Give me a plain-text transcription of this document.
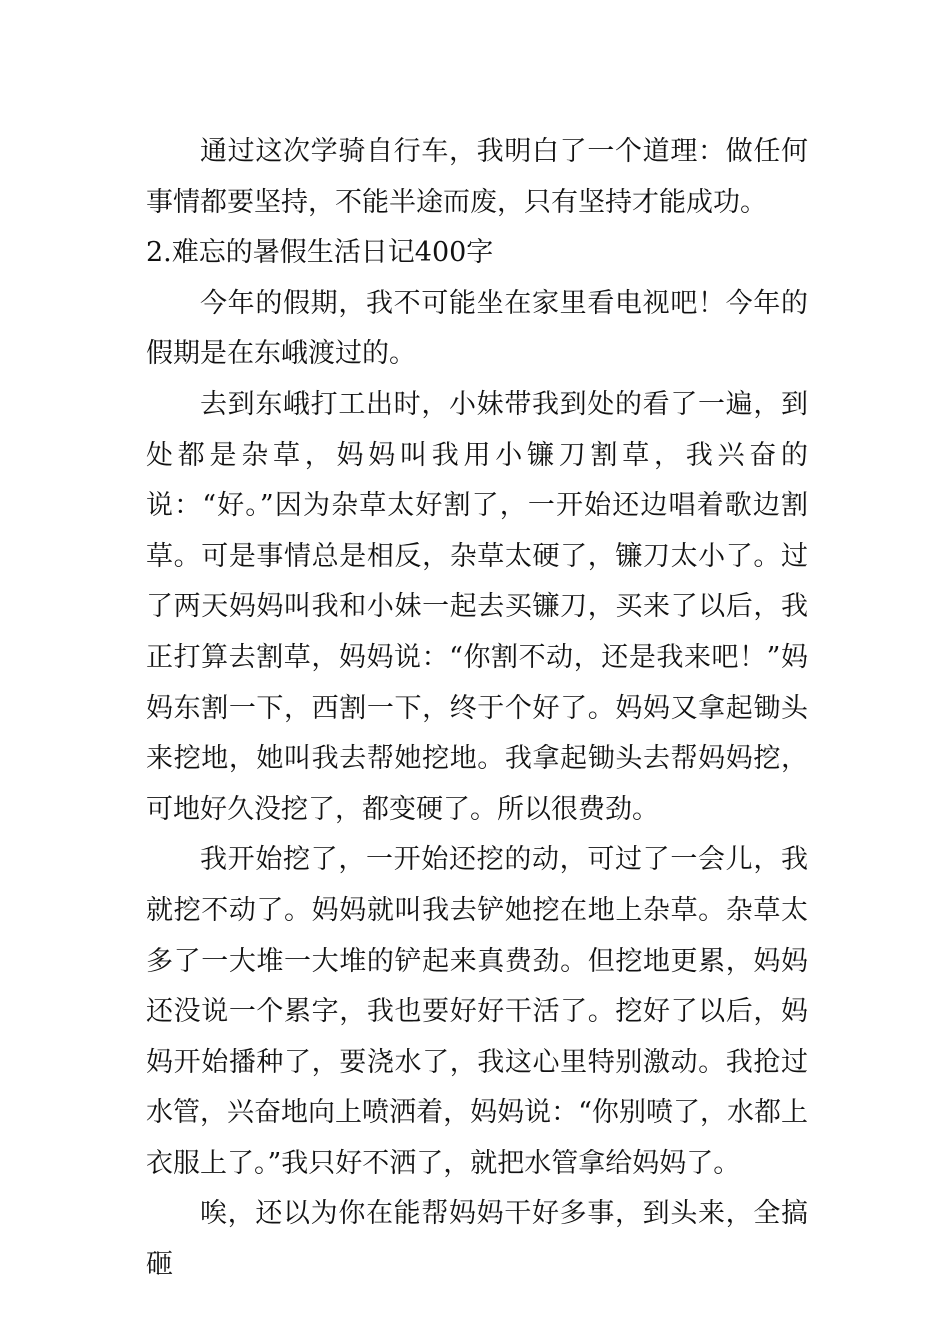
通过这次学骑自行车，我明白了一个道理：做任何事情都要坚持，不能半途而废，只有坚持才能成功。

2.难忘的暑假生活日记400字

今年的假期，我不可能坐在家里看电视吧！今年的假期是在东峨渡过的。

去到东峨打工出时，小妹带我到处的看了一遍，到处都是杂草，妈妈叫我用小镰刀割草，我兴奋的说：“好。”因为杂草太好割了，一开始还边唱着歌边割草。可是事情总是相反，杂草太硬了，镰刀太小了。过了两天妈妈叫我和小妹一起去买镰刀，买来了以后，我正打算去割草，妈妈说：“你割不动，还是我来吧！”妈妈东割一下，西割一下，终于个好了。妈妈又拿起锄头来挖地，她叫我去帮她挖地。我拿起锄头去帮妈妈挖，可地好久没挖了，都变硬了。所以很费劲。

我开始挖了，一开始还挖的动，可过了一会儿，我就挖不动了。妈妈就叫我去铲她挖在地上杂草。杂草太多了一大堆一大堆的铲起来真费劲。但挖地更累，妈妈还没说一个累字，我也要好好干活了。挖好了以后，妈妈开始播种了，要浇水了，我这心里特别激动。我抢过水管，兴奋地向上喷洒着，妈妈说：“你别喷了，水都上衣服上了。”我只好不洒了，就把水管拿给妈妈了。

唉，还以为你在能帮妈妈干好多事，到头来，全搞砸
